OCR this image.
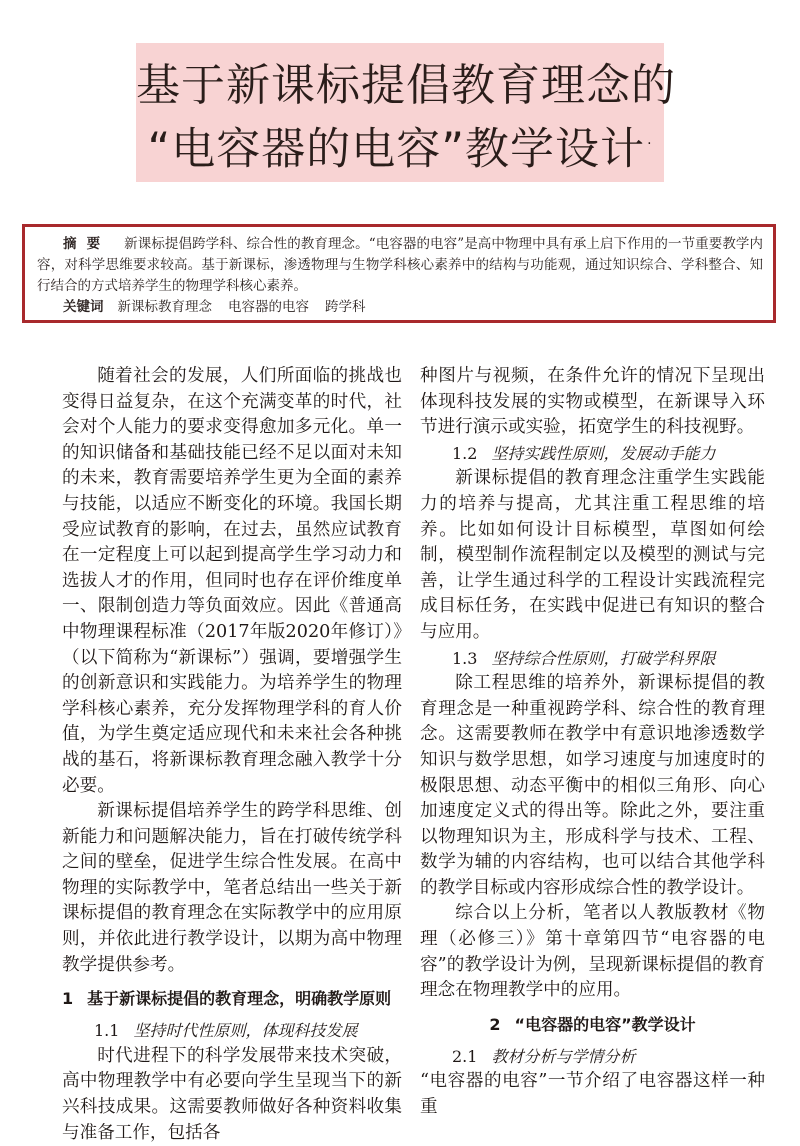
基于新课标提倡教育理念的
“电容器的电容”教学设计 ·

摘要 新课标提倡跨学科、综合性的教育理念。“电容器的电容”是高中物理中具有承上启下作用的一节重要教学内容，对科学思维要求较高。基于新课标，渗透物理与生物学科核心素养中的结构与功能观，通过知识综合、学科整合、知行结合的方式培养学生的物理学科核心素养。

关键词 新课标教育理念 电容器的电容 跨学科

随着社会的发展，人们所面临的挑战也变得日益复杂，在这个充满变革的时代，社会对个人能力的要求变得愈加多元化。单一的知识储备和基础技能已经不足以面对未知的未来，教育需要培养学生更为全面的素养与技能，以适应不断变化的环境。我国长期受应试教育的影响，在过去，虽然应试教育在一定程度上可以起到提高学生学习动力和选拔人才的作用，但同时也存在评价维度单一、限制创造力等负面效应。因此《普通高中物理课程标准（2017年版2020年修订）》（以下简称为“新课标”）强调，要增强学生的创新意识和实践能力。为培养学生的物理学科核心素养，充分发挥物理学科的育人价值，为学生奠定适应现代和未来社会各种挑战的基石，将新课标教育理念融入教学十分必要。

新课标提倡培养学生的跨学科思维、创新能力和问题解决能力，旨在打破传统学科之间的壁垒，促进学生综合性发展。在高中物理的实际教学中，笔者总结出一些关于新课标提倡的教育理念在实际教学中的应用原则，并依此进行教学设计，以期为高中物理教学提供参考。

1 基于新课标提倡的教育理念，明确教学原则

1.1 坚持时代性原则，体现科技发展

时代进程下的科学发展带来技术突破，高中物理教学中有必要向学生呈现当下的新兴科技成果。这需要教师做好各种资料收集与准备工作，包括各

种图片与视频，在条件允许的情况下呈现出体现科技发展的实物或模型，在新课导入环节进行演示或实验，拓宽学生的科技视野。

1.2 坚持实践性原则，发展动手能力

新课标提倡的教育理念注重学生实践能力的培养与提高，尤其注重工程思维的培养。比如如何设计目标模型，草图如何绘制，模型制作流程制定以及模型的测试与完善，让学生通过科学的工程设计实践流程完成目标任务，在实践中促进已有知识的整合与应用。

1.3 坚持综合性原则，打破学科界限

除工程思维的培养外，新课标提倡的教育理念是一种重视跨学科、综合性的教育理念。这需要教师在教学中有意识地渗透数学知识与数学思想，如学习速度与加速度时的极限思想、动态平衡中的相似三角形、向心加速度定义式的得出等。除此之外，要注重以物理知识为主，形成科学与技术、工程、数学为辅的内容结构，也可以结合其他学科的教学目标或内容形成综合性的教学设计。

综合以上分析，笔者以人教版教材《物理（必修三）》第十章第四节“电容器的电容”的教学设计为例，呈现新课标提倡的教育理念在物理教学中的应用。

2 “电容器的电容”教学设计

2.1 教材分析与学情分析

“电容器的电容”一节介绍了电容器这样一种重
